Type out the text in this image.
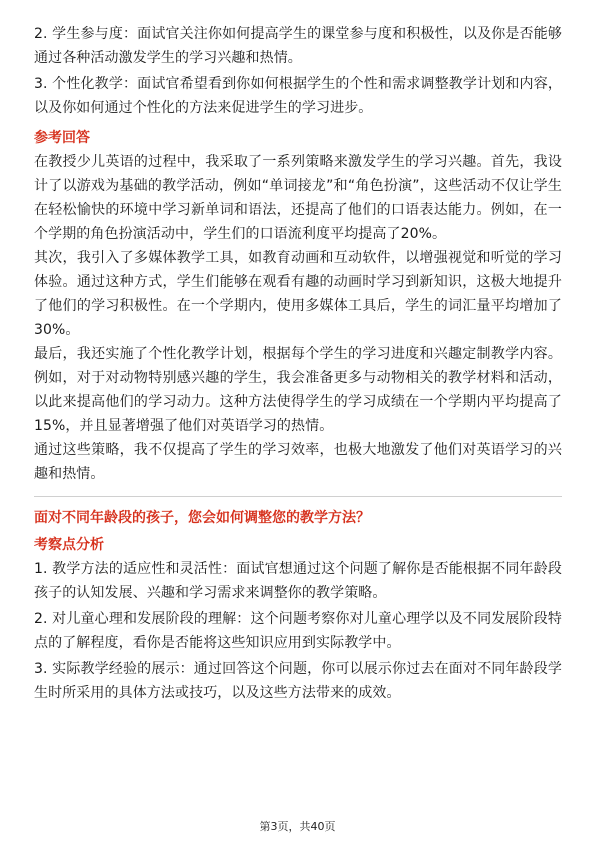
2. 学生参与度：面试官关注你如何提高学生的课堂参与度和积极性，以及你是否能够通过各种活动激发学生的学习兴趣和热情。

3. 个性化教学：面试官希望看到你如何根据学生的个性和需求调整教学计划和内容，以及你如何通过个性化的方法来促进学生的学习进步。

参考回答

在教授少儿英语的过程中，我采取了一系列策略来激发学生的学习兴趣。首先，我设计了以游戏为基础的教学活动，例如“单词接龙”和“角色扮演”，这些活动不仅让学生在轻松愉快的环境中学习新单词和语法，还提高了他们的口语表达能力。例如，在一个学期的角色扮演活动中，学生们的口语流利度平均提高了20%。

其次，我引入了多媒体教学工具，如教育动画和互动软件，以增强视觉和听觉的学习体验。通过这种方式，学生们能够在观看有趣的动画时学习到新知识，这极大地提升了他们的学习积极性。在一个学期内，使用多媒体工具后，学生的词汇量平均增加了30%。

最后，我还实施了个性化教学计划，根据每个学生的学习进度和兴趣定制教学内容。例如，对于对动物特别感兴趣的学生，我会准备更多与动物相关的教学材料和活动，以此来提高他们的学习动力。这种方法使得学生的学习成绩在一个学期内平均提高了15%，并且显著增强了他们对英语学习的热情。

通过这些策略，我不仅提高了学生的学习效率，也极大地激发了他们对英语学习的兴趣和热情。

面对不同年龄段的孩子，您会如何调整您的教学方法？
考察点分析

1. 教学方法的适应性和灵活性：面试官想通过这个问题了解你是否能根据不同年龄段孩子的认知发展、兴趣和学习需求来调整你的教学策略。

2. 对儿童心理和发展阶段的理解：这个问题考察你对儿童心理学以及不同发展阶段特点的了解程度，看你是否能将这些知识应用到实际教学中。

3. 实际教学经验的展示：通过回答这个问题，你可以展示你过去在面对不同年龄段学生时所采用的具体方法或技巧，以及这些方法带来的成效。

第3页，共40页
